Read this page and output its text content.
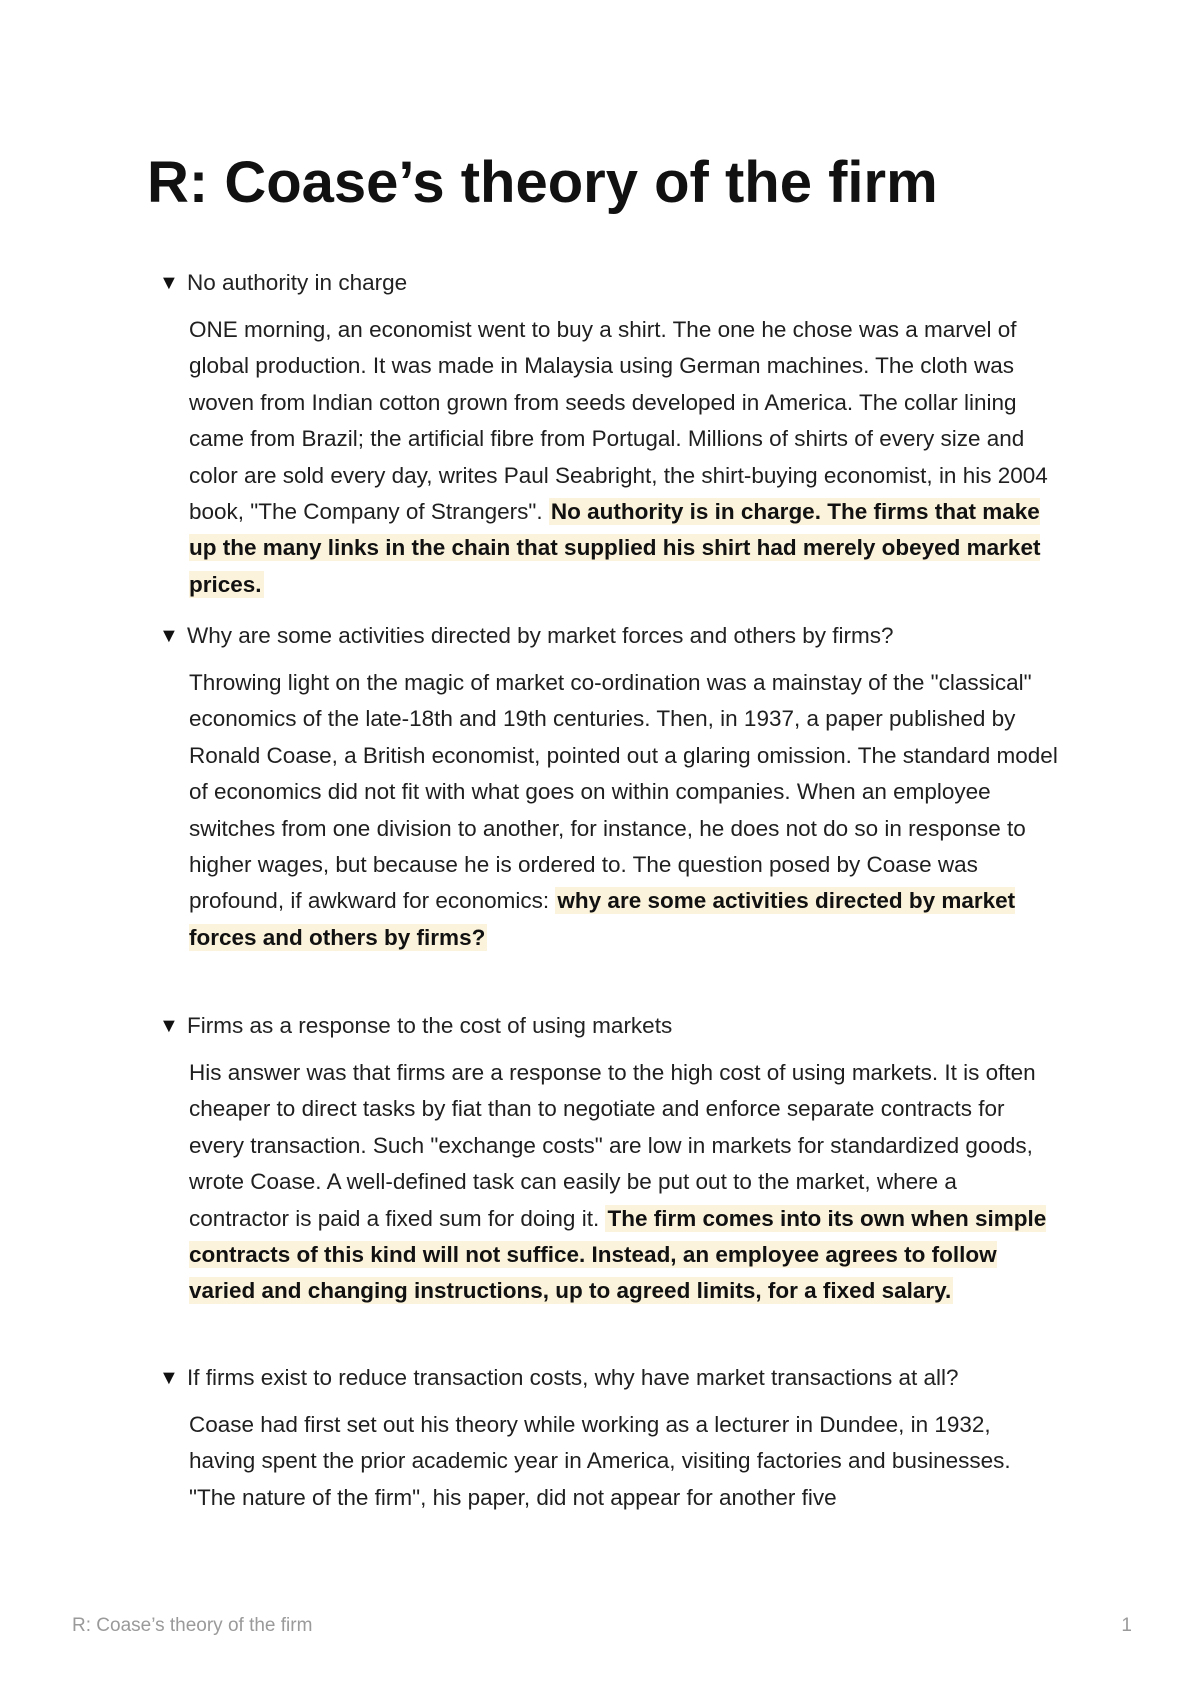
R: Coase’s theory of the firm
▼ No authority in charge

ONE morning, an economist went to buy a shirt. The one he chose was a marvel of global production. It was made in Malaysia using German machines. The cloth was woven from Indian cotton grown from seeds developed in America. The collar lining came from Brazil; the artificial fibre from Portugal. Millions of shirts of every size and color are sold every day, writes Paul Seabright, the shirt-buying economist, in his 2004 book, "The Company of Strangers". No authority is in charge. The firms that make up the many links in the chain that supplied his shirt had merely obeyed market prices.

▼ Why are some activities directed by market forces and others by firms?

Throwing light on the magic of market co-ordination was a mainstay of the "classical" economics of the late-18th and 19th centuries. Then, in 1937, a paper published by Ronald Coase, a British economist, pointed out a glaring omission. The standard model of economics did not fit with what goes on within companies. When an employee switches from one division to another, for instance, he does not do so in response to higher wages, but because he is ordered to. The question posed by Coase was profound, if awkward for economics: why are some activities directed by market forces and others by firms?

▼ Firms as a response to the cost of using markets

His answer was that firms are a response to the high cost of using markets. It is often cheaper to direct tasks by fiat than to negotiate and enforce separate contracts for every transaction. Such "exchange costs" are low in markets for standardized goods, wrote Coase. A well-defined task can easily be put out to the market, where a contractor is paid a fixed sum for doing it. The firm comes into its own when simple contracts of this kind will not suffice. Instead, an employee agrees to follow varied and changing instructions, up to agreed limits, for a fixed salary.

▼ If firms exist to reduce transaction costs, why have market transactions at all?

Coase had first set out his theory while working as a lecturer in Dundee, in 1932, having spent the prior academic year in America, visiting factories and businesses. "The nature of the firm", his paper, did not appear for another five

R: Coase’s theory of the firm	1
